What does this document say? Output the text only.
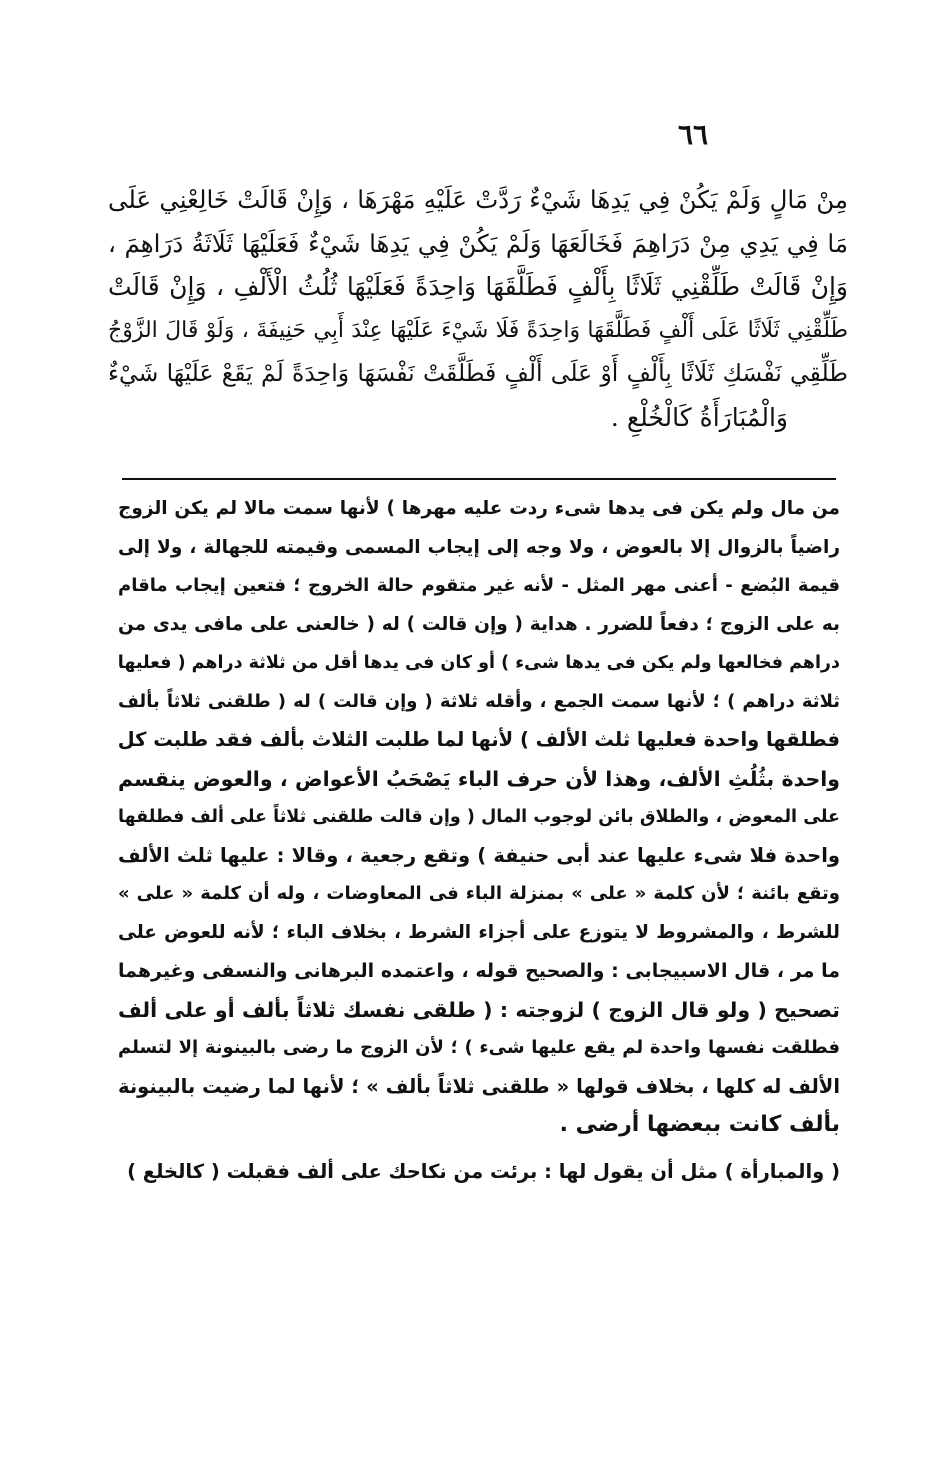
٦٦
مِنْ مَالٍ وَلَمْ يَكُنْ فِي يَدِهَا شَيْءٌ رَدَّتْ عَلَيْهِ مَهْرَهَا ، وَإِنْ قَالَتْ خَالِعْنِي عَلَى
مَا فِي يَدِي مِنْ دَرَاهِمَ فَخَالَعَهَا وَلَمْ يَكُنْ فِي يَدِهَا شَيْءٌ فَعَلَيْهَا ثَلَاثَةُ دَرَاهِمَ ،
وَإِنْ قَالَتْ طَلِّقْنِي ثَلَاثًا بِأَلْفٍ فَطَلَّقَهَا وَاحِدَةً فَعَلَيْهَا ثُلُثُ الْأَلْفِ ، وَإِنْ قَالَتْ
طَلِّقْنِي ثَلَاثًا عَلَى أَلْفٍ فَطَلَّقَهَا وَاحِدَةً فَلَا شَيْءَ عَلَيْهَا عِنْدَ أَبِي حَنِيفَةَ ، وَلَوْ قَالَ الزَّوْجُ
طَلِّقِي نَفْسَكِ ثَلَاثًا بِأَلْفٍ أَوْ عَلَى أَلْفٍ فَطَلَّقَتْ نَفْسَهَا وَاحِدَةً لَمْ يَقَعْ عَلَيْهَا شَيْءٌ
وَالْمُبَارَأَةُ كَالْخُلْعِ .
من مال ولم يكن فى يدها شىء ردت عليه مهرها ) لأنها سمت مالا لم يكن الزوج
راضياً بالزوال إلا بالعوض ، ولا وجه إلى إيجاب المسمى وقيمته للجهالة ، ولا إلى
قيمة البُضع - أعنى مهر المثل - لأنه غير متقوم حالة الخروج ؛ فتعين إيجاب ماقام
به على الزوج ؛ دفعاً للضرر . هداية ( وإن قالت ) له ( خالعنى على مافى يدى من
دراهم فخالعها ولم يكن فى يدها شىء ) أو كان فى يدها أقل من ثلاثة دراهم ( فعليها
ثلاثة دراهم ) ؛ لأنها سمت الجمع ، وأقله ثلاثة ( وإن قالت ) له ( طلقنى ثلاثاً بألف
فطلقها واحدة فعليها ثلث الألف ) لأنها لما طلبت الثلاث بألف فقد طلبت كل
واحدة بثُلُثِ الألف، وهذا لأن حرف الباء يَصْحَبُ الأعواض ، والعوض ينقسم
على المعوض ، والطلاق بائن لوجوب المال ( وإن قالت طلقنى ثلاثاً على ألف فطلقها
واحدة فلا شىء عليها عند أبى حنيفة ) وتقع رجعية ، وقالا : عليها ثلث الألف
وتقع بائنة ؛ لأن كلمة « على » بمنزلة الباء فى المعاوضات ، وله أن كلمة « على »
للشرط ، والمشروط لا يتوزع على أجزاء الشرط ، بخلاف الباء ؛ لأنه للعوض على
ما مر ، قال الاسبيجابى : والصحيح قوله ، واعتمده البرهانى والنسفى وغيرهما
تصحيح ( ولو قال الزوج ) لزوجته : ( طلقى نفسك ثلاثاً بألف أو على ألف
فطلقت نفسها واحدة لم يقع عليها شىء ) ؛ لأن الزوج ما رضى بالبينونة إلا لتسلم
الألف له كلها ، بخلاف قولها « طلقنى ثلاثاً بألف » ؛ لأنها لما رضيت بالبينونة
بألف كانت ببعضها أرضى .
( والمبارأة ) مثل أن يقول لها : برئت من نكاحك على ألف فقبلت ( كالخلع )
